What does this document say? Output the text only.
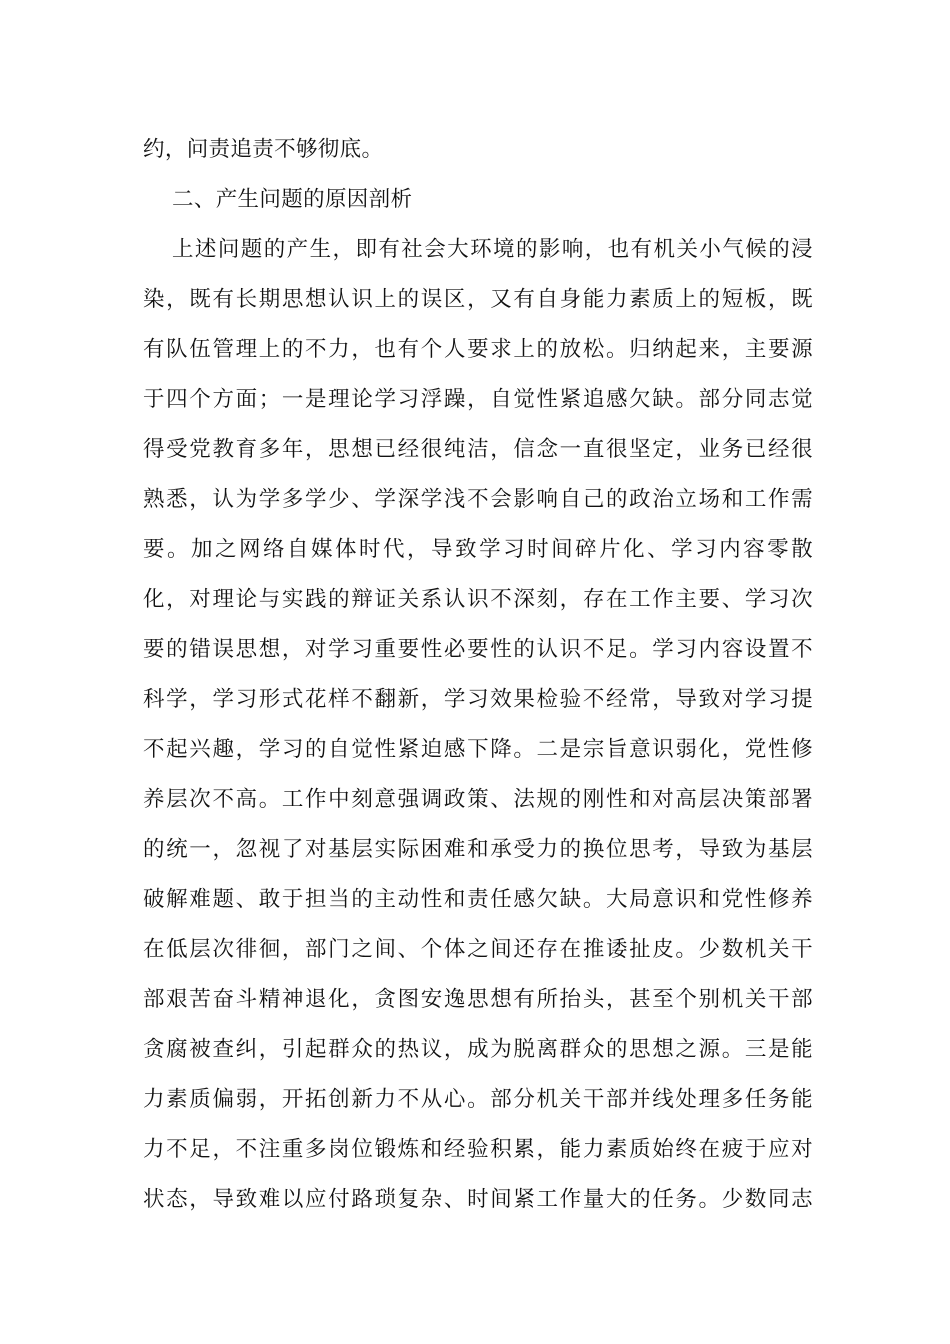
约，问责追责不够彻底。
二、产生问题的原因剖析
上述问题的产生，即有社会大环境的影响，也有机关小气候的浸
染，既有长期思想认识上的误区，又有自身能力素质上的短板，既
有队伍管理上的不力，也有个人要求上的放松。归纳起来，主要源
于四个方面；一是理论学习浮躁，自觉性紧追感欠缺。部分同志觉
得受党教育多年，思想已经很纯洁，信念一直很坚定，业务已经很
熟悉，认为学多学少、学深学浅不会影响自己的政治立场和工作需
要。加之网络自媒体时代，导致学习时间碎片化、学习内容零散
化，对理论与实践的辩证关系认识不深刻，存在工作主要、学习次
要的错误思想，对学习重要性必要性的认识不足。学习内容设置不
科学，学习形式花样不翻新，学习效果检验不经常，导致对学习提
不起兴趣，学习的自觉性紧迫感下降。二是宗旨意识弱化，党性修
养层次不高。工作中刻意强调政策、法规的刚性和对高层决策部署
的统一，忽视了对基层实际困难和承受力的换位思考，导致为基层
破解难题、敢于担当的主动性和责任感欠缺。大局意识和党性修养
在低层次徘徊，部门之间、个体之间还存在推诿扯皮。少数机关干
部艰苦奋斗精神退化，贪图安逸思想有所抬头，甚至个别机关干部
贪腐被查纠，引起群众的热议，成为脱离群众的思想之源。三是能
力素质偏弱，开拓创新力不从心。部分机关干部并线处理多任务能
力不足，不注重多岗位锻炼和经验积累，能力素质始终在疲于应对
状态，导致难以应付路琐复杂、时间紧工作量大的任务。少数同志
